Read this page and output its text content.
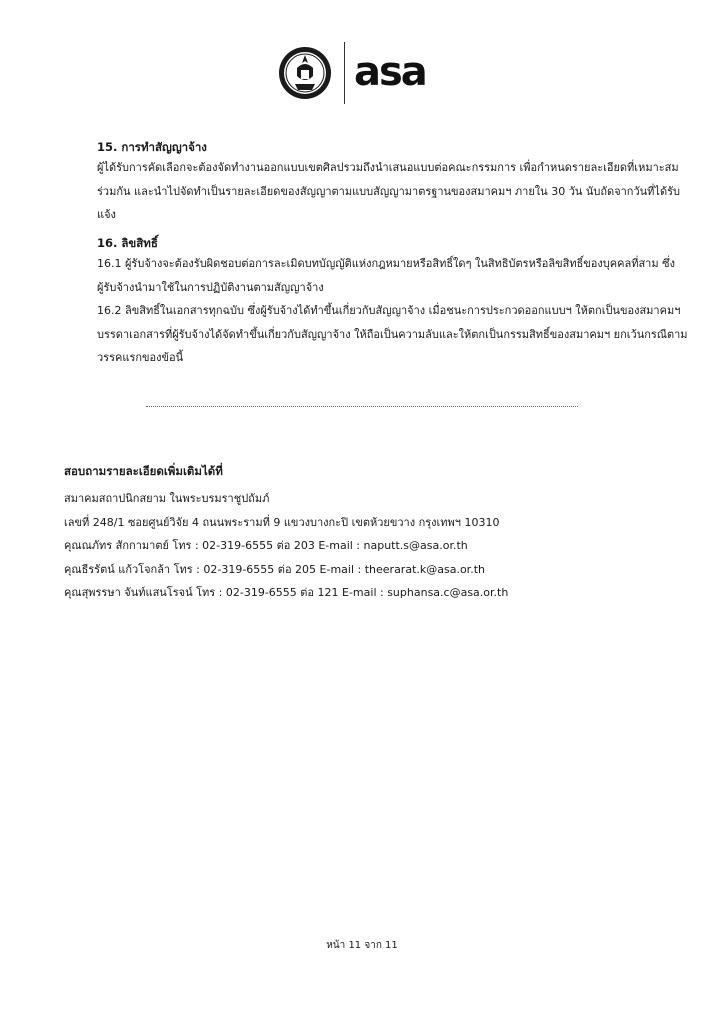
asa

15. การทำสัญญาจ้าง

ผู้ได้รับการคัดเลือกจะต้องจัดทำงานออกแบบเขตศิลปรวมถึงนำเสนอแบบต่อคณะกรรมการ เพื่อกำหนดรายละเอียดที่เหมาะสม

ร่วมกัน และนำไปจัดทำเป็นรายละเอียดของสัญญาตามแบบสัญญามาตรฐานของสมาคมฯ ภายใน 30 วัน นับถัดจากวันที่ได้รับ

แจ้ง

16. ลิขสิทธิ์

16.1 ผู้รับจ้างจะต้องรับผิดชอบต่อการละเมิดบทบัญญัติแห่งกฎหมายหรือสิทธิ์ใดๆ ในสิทธิบัตรหรือลิขสิทธิ์ของบุคคลที่สาม ซึ่ง

ผู้รับจ้างนำมาใช้ในการปฏิบัติงานตามสัญญาจ้าง

16.2 ลิขสิทธิ์ในเอกสารทุกฉบับ ซึ่งผู้รับจ้างได้ทำขึ้นเกี่ยวกับสัญญาจ้าง เมื่อชนะการประกวดออกแบบฯ ให้ตกเป็นของสมาคมฯ

บรรดาเอกสารที่ผู้รับจ้างได้จัดทำขึ้นเกี่ยวกับสัญญาจ้าง ให้ถือเป็นความลับและให้ตกเป็นกรรมสิทธิ์ของสมาคมฯ ยกเว้นกรณีตาม

วรรคแรกของข้อนี้

สอบถามรายละเอียดเพิ่มเติมได้ที่

สมาคมสถาปนิกสยาม ในพระบรมราชูปถัมภ์

เลขที่ 248/1 ซอยศูนย์วิจัย 4 ถนนพระรามที่ 9 แขวงบางกะปิ เขตห้วยขวาง กรุงเทพฯ 10310

คุณณภัทร สักกามาตย์ โทร : 02-319-6555 ต่อ 203 E-mail : naputt.s@asa.or.th

คุณธีรรัตน์ แก้วโจกล้า โทร : 02-319-6555 ต่อ 205 E-mail : theerarat.k@asa.or.th

คุณสุพรรษา จันท์แสนโรจน์ โทร : 02-319-6555 ต่อ 121 E-mail : suphansa.c@asa.or.th

หน้า 11 จาก 11
